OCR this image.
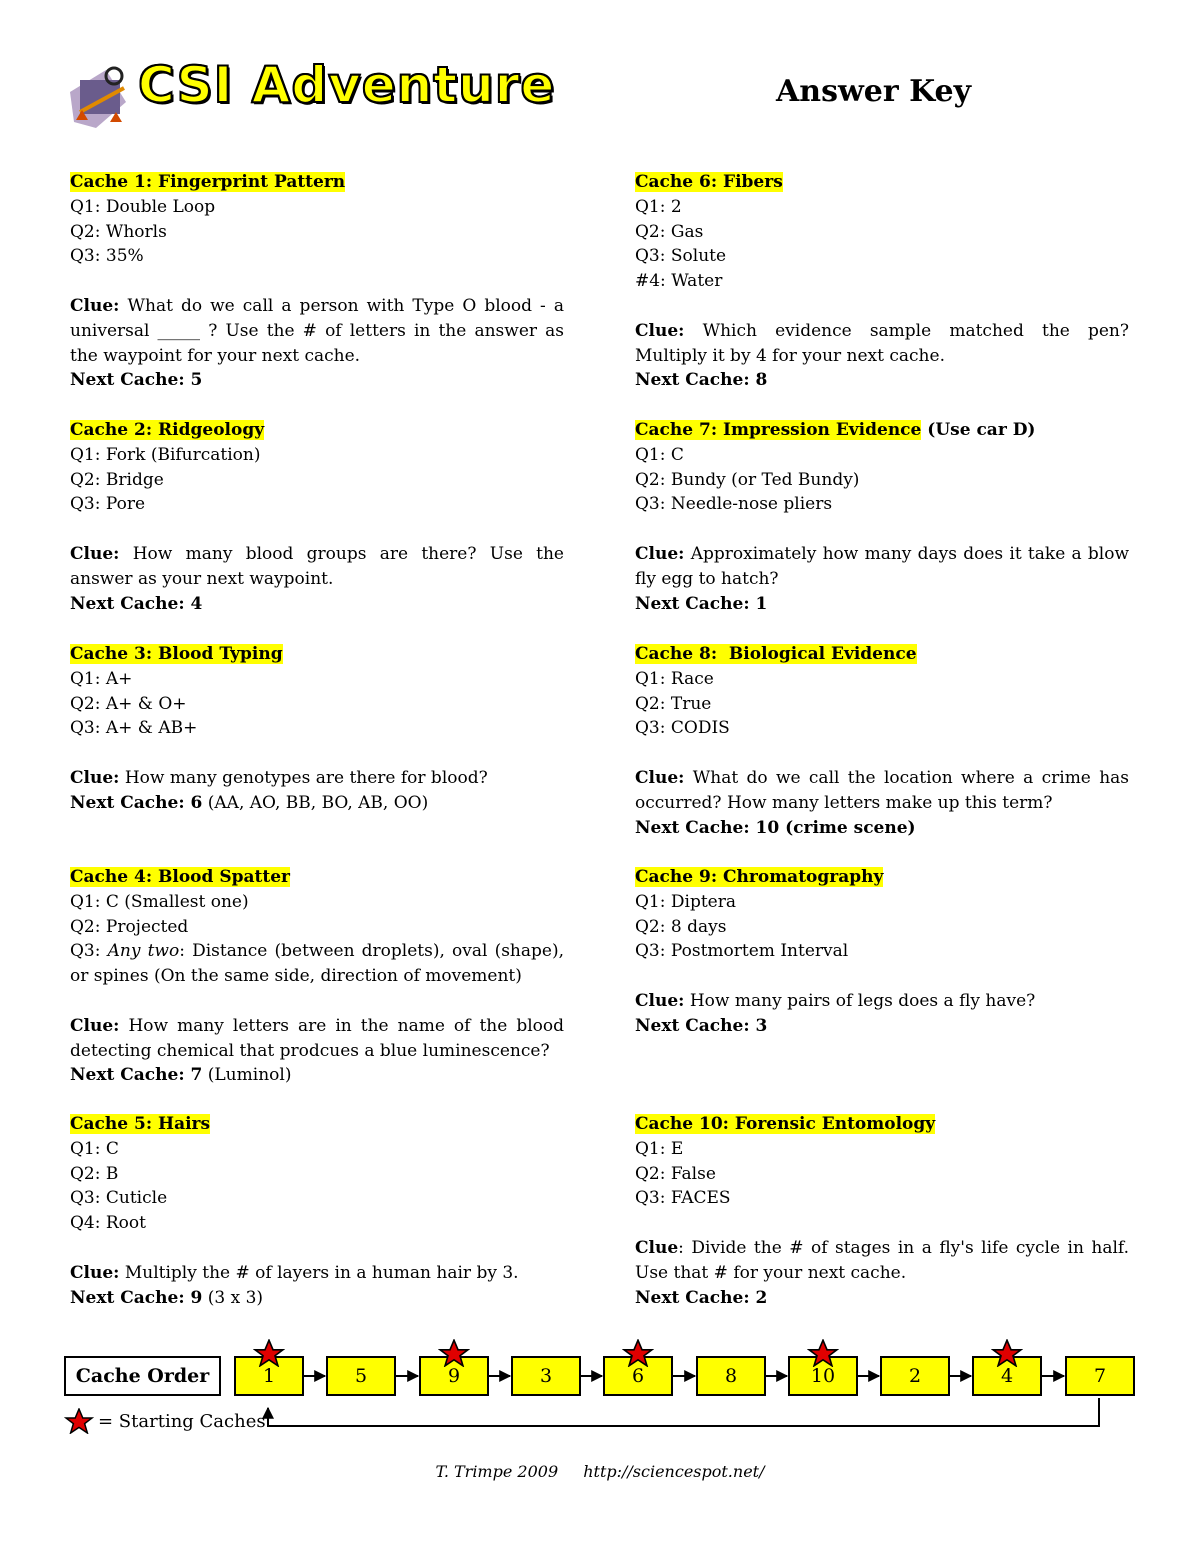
CSI Adventure	Answer Key
Cache 1: Fingerprint Pattern
Q1: Double Loop
Q2: Whorls
Q3: 35%

Clue: What do we call a person with Type O blood - a universal _____ ? Use the # of letters in the answer as the waypoint for your next cache.
Next Cache: 5
Cache 2: Ridgeology
Q1: Fork (Bifurcation)
Q2: Bridge
Q3: Pore

Clue: How many blood groups are there? Use the answer as your next waypoint.
Next Cache: 4
Cache 3: Blood Typing
Q1: A+
Q2: A+ & O+
Q3: A+ & AB+

Clue: How many genotypes are there for blood?
Next Cache: 6 (AA, AO, BB, BO, AB, OO)
Cache 4: Blood Spatter
Q1: C (Smallest one)
Q2: Projected
Q3: Any two: Distance (between droplets), oval (shape), or spines (On the same side, direction of movement)

Clue: How many letters are in the name of the blood detecting chemical that prodcues a blue luminescence?
Next Cache: 7 (Luminol)
Cache 5: Hairs
Q1: C
Q2: B
Q3: Cuticle
Q4: Root

Clue: Multiply the # of layers in a human hair by 3.
Next Cache: 9 (3 x 3)
Cache 6: Fibers
Q1: 2
Q2: Gas
Q3: Solute
#4: Water

Clue: Which evidence sample matched the pen? Multiply it by 4 for your next cache.
Next Cache: 8
Cache 7: Impression Evidence (Use car D)
Q1: C
Q2: Bundy (or Ted Bundy)
Q3: Needle-nose pliers

Clue: Approximately how many days does it take a blow fly egg to hatch?
Next Cache: 1
Cache 8:  Biological Evidence
Q1: Race
Q2: True
Q3: CODIS

Clue: What do we call the location where a crime has occurred? How many letters make up this term?
Next Cache: 10 (crime scene)
Cache 9: Chromatography
Q1: Diptera
Q2: 8 days
Q3: Postmortem Interval

Clue: How many pairs of legs does a fly have?
Next Cache: 3
Cache 10: Forensic Entomology
Q1: E
Q2: False
Q3: FACES

Clue: Divide the # of stages in a fly's life cycle in half. Use that # for your next cache.
Next Cache: 2
Cache Order	1	5	9	3	6	8	10	2	4	7
= Starting Caches
T. Trimpe 2009 http://sciencespot.net/
